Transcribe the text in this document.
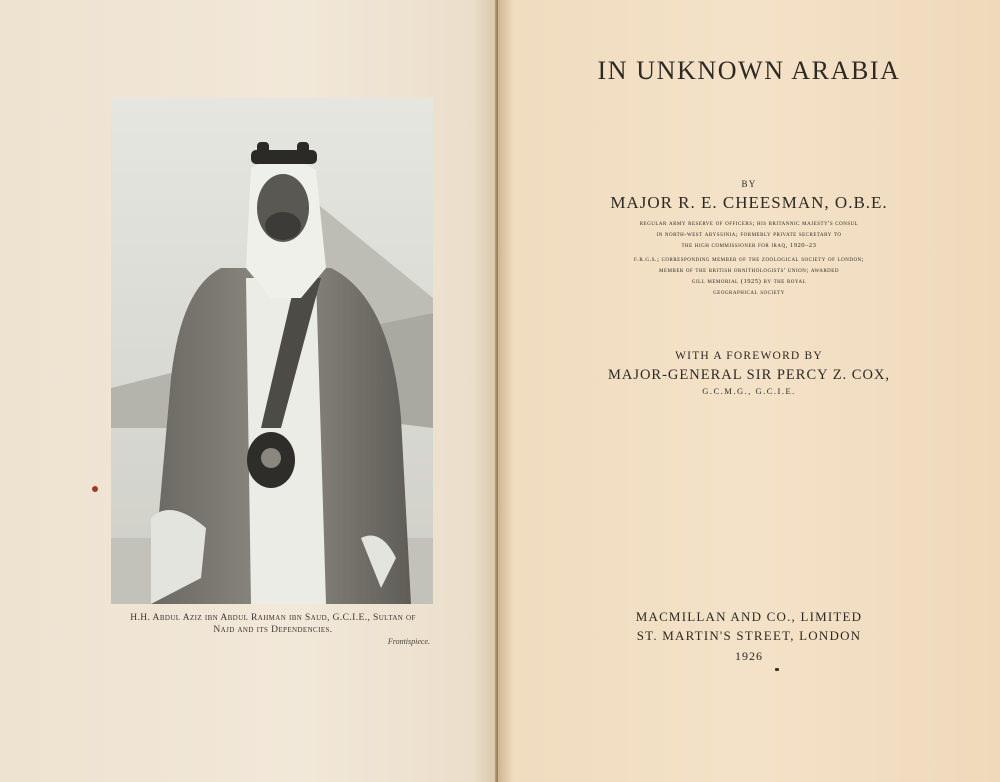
H.H. Abdul Aziz ibn Abdul Rahman ibn Saud, G.C.I.E., Sultan of
Najd and its Dependencies.
Frontispiece.
IN UNKNOWN ARABIA
BY
MAJOR R. E. CHEESMAN, O.B.E.
regular army reserve of officers; his britannic majesty's consul
in north-west abyssinia; formerly private secretary to
the high commissioner for iraq, 1920–23
f.r.g.s.; corresponding member of the zoological society of london;
member of the british ornithologists' union; awarded
gill memorial (1925) by the royal
geographical society
WITH A FOREWORD BY
MAJOR-GENERAL SIR PERCY Z. COX,
G.C.M.G., G.C.I.E.
MACMILLAN AND CO., LIMITED
ST. MARTIN'S STREET, LONDON
1926
